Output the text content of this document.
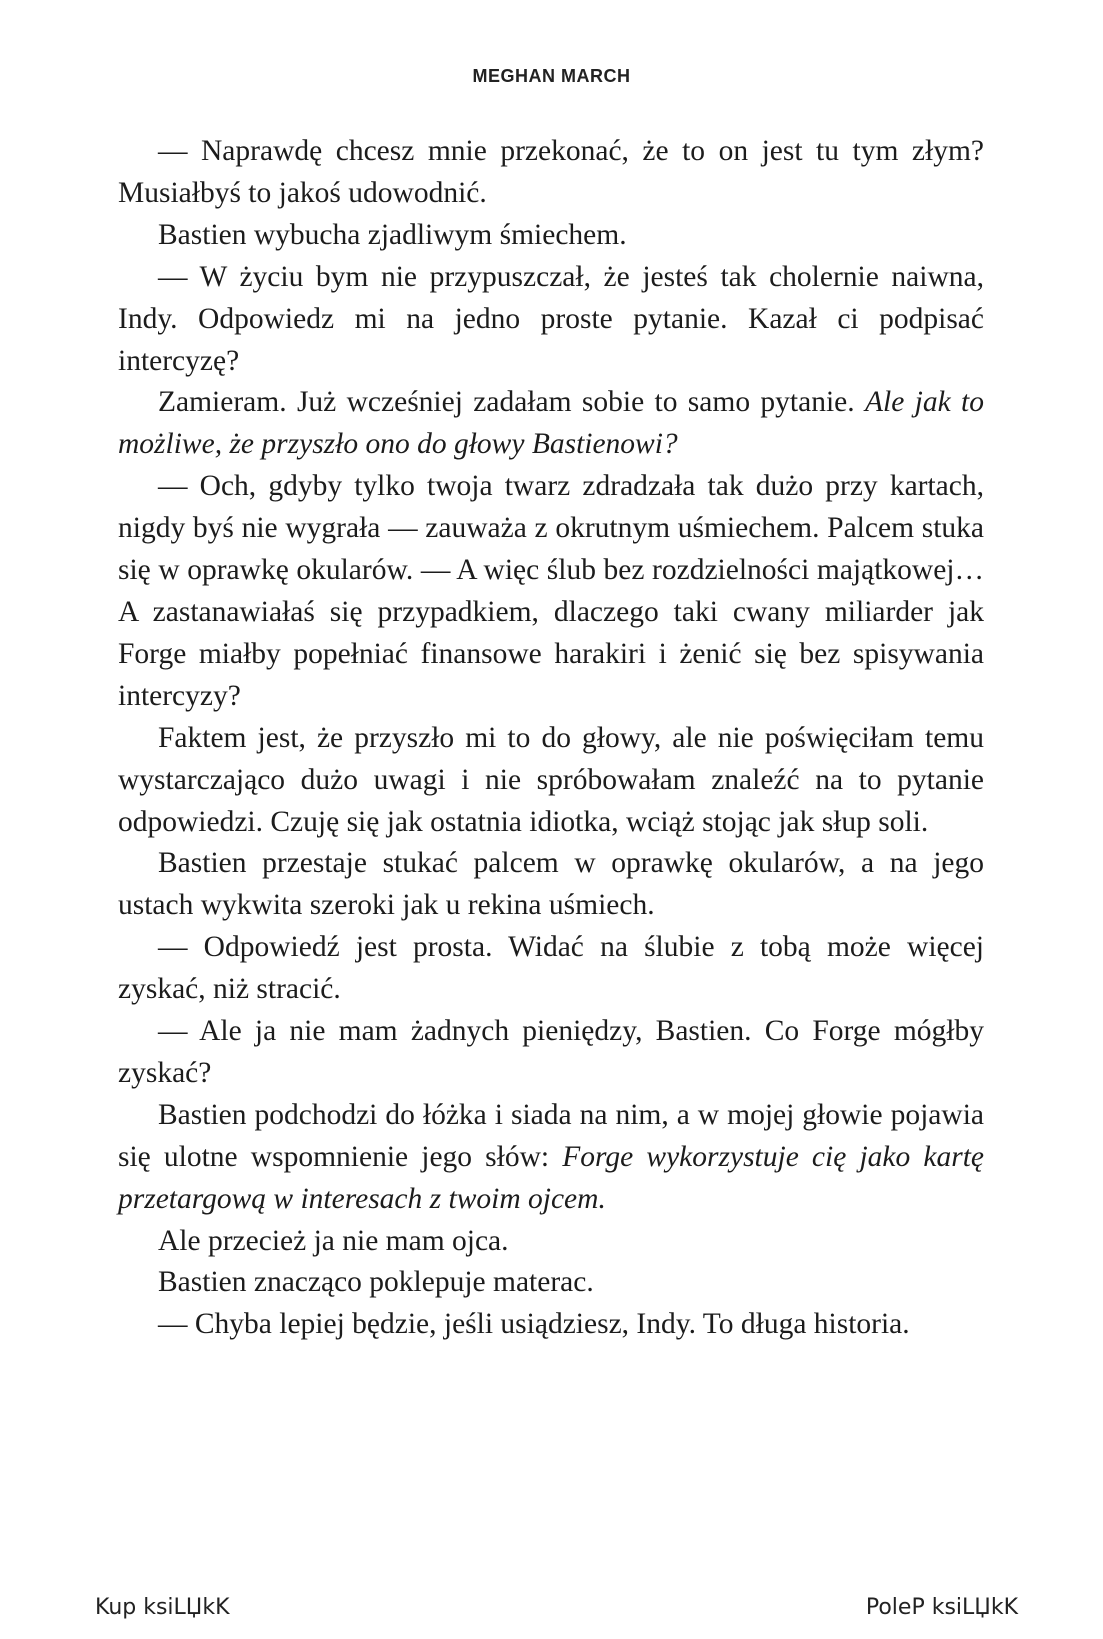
MEGHAN MARCH

— Naprawdę chcesz mnie przekonać, że to on jest tu tym złym? Musiałbyś to jakoś udowodnić.

Bastien wybucha zjadliwym śmiechem.

— W życiu bym nie przypuszczał, że jesteś tak cholernie naiwna, Indy. Odpowiedz mi na jedno proste pytanie. Kazał ci podpisać intercyzę?

Zamieram. Już wcześniej zadałam sobie to samo pytanie. Ale jak to możliwe, że przyszło ono do głowy Bastienowi?

— Och, gdyby tylko twoja twarz zdradzała tak dużo przy kartach, nigdy byś nie wygrała — zauważa z okrutnym uśmiechem. Palcem stuka się w oprawkę okularów. — A więc ślub bez rozdzielności majątkowej… A zastanawiałaś się przypadkiem, dlaczego taki cwany miliarder jak Forge miałby popełniać finansowe harakiri i żenić się bez spisywania intercyzy?

Faktem jest, że przyszło mi to do głowy, ale nie poświęciłam temu wystarczająco dużo uwagi i nie spróbowałam znaleźć na to pytanie odpowiedzi. Czuję się jak ostatnia idiotka, wciąż stojąc jak słup soli.

Bastien przestaje stukać palcem w oprawkę okularów, a na jego ustach wykwita szeroki jak u rekina uśmiech.

— Odpowiedź jest prosta. Widać na ślubie z tobą może więcej zyskać, niż stracić.

— Ale ja nie mam żadnych pieniędzy, Bastien. Co Forge mógłby zyskać?

Bastien podchodzi do łóżka i siada na nim, a w mojej głowie pojawia się ulotne wspomnienie jego słów: Forge wykorzystuje cię jako kartę przetargową w interesach z twoim ojcem.

Ale przecież ja nie mam ojca.

Bastien znacząco poklepuje materac.

— Chyba lepiej będzie, jeśli usiądziesz, Indy. To długa historia.

Kup ksiLЏkK	PoleP ksiLЏkK
